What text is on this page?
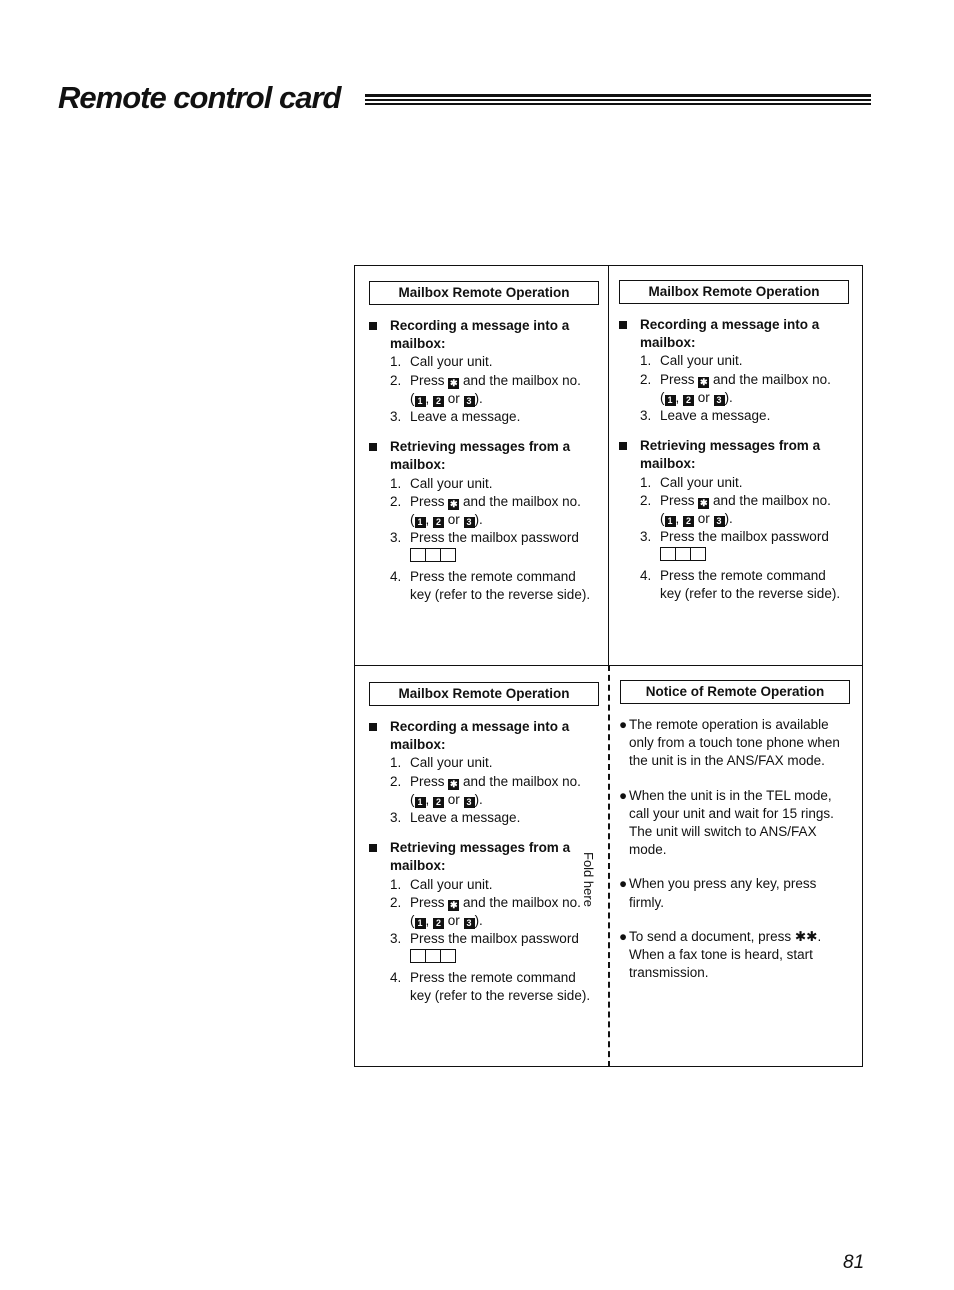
Remote control card
Fold here
Mailbox Remote Operation
Recording a message into a mailbox:
1. Call your unit.
2. Press ✱ and the mailbox no.
( 1 , 2 or 3 ).
3. Leave a message.
Retrieving messages from a mailbox:
1. Call your unit.
2. Press ✱ and the mailbox no.
( 1 , 2 or 3 ).
3. Press the mailbox password

4. Press the remote command key (refer to the reverse side).
Mailbox Remote Operation
Recording a message into a mailbox:
1. Call your unit.
2. Press ✱ and the mailbox no.
( 1 , 2 or 3 ).
3. Leave a message.
Retrieving messages from a mailbox:
1. Call your unit.
2. Press ✱ and the mailbox no.
( 1 , 2 or 3 ).
3. Press the mailbox password

4. Press the remote command key (refer to the reverse side).
Mailbox Remote Operation
Recording a message into a mailbox:
1. Call your unit.
2. Press ✱ and the mailbox no.
( 1 , 2 or 3 ).
3. Leave a message.
Retrieving messages from a mailbox:
1. Call your unit.
2. Press ✱ and the mailbox no.
( 1 , 2 or 3 ).
3. Press the mailbox password

4. Press the remote command key (refer to the reverse side).
Notice of Remote Operation
● The remote operation is available only from a touch tone phone when the unit is in the ANS/FAX mode.
● When the unit is in the TEL mode, call your unit and wait for 15 rings. The unit will switch to ANS/FAX mode.
● When you press any key, press firmly.
● To send a document, press ✱✱. When a fax tone is heard, start transmission.
81
